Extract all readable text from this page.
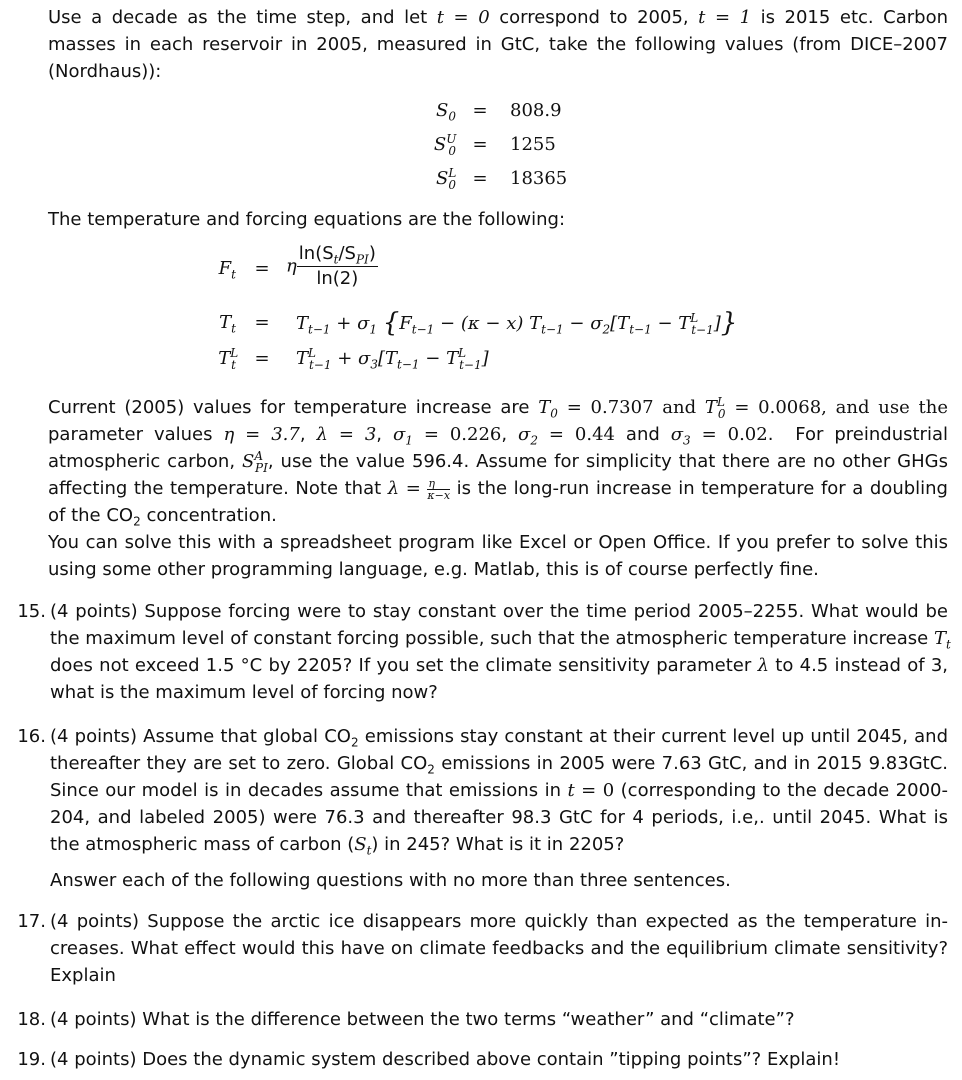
Use a decade as the time step, and let t = 0 correspond to 2005, t = 1 is 2015 etc. Carbon
masses in each reservoir in 2005, measured in GtC, take the following values (from DICE–2007
(Nordhaus)):
$S_0 = 808.9$
$S^U_0 = 1255$
$S^L_0 = 18365$
The temperature and forcing equations are the following:
$F_t = \eta \frac{\ln(S_t/S_{PI})}{\ln(2)}$
$T_t = T_{t-1} + \sigma_1$ $\{F_{t-1} - (\kappa - x) T_{t-1} - \sigma_2[T_{t-1} - T^L_{t-1}]\}$
$T^L_t = T^L_{t-1} + \sigma_3[T_{t-1} - T^L_{t-1}]$
Current (2005) values for temperature increase are $T_0 = 0.7307$ and $T^L_0 = 0.0068$, and use the
parameter values η = 3.7, λ = 3, $\sigma_1 = 0.226$, $\sigma_2 = 0.44$ and $\sigma_3 = 0.02$.  For preindustrial
atmospheric carbon, $S^A_{PI}$, use the value 596.4. Assume for simplicity that there are no other GHGs
affecting the temperature. Note that $\lambda = \frac{\eta}{\kappa-x}$ is the long-run increase in temperature for a doubling
of the $CO_2$ concentration.
You can solve this with a spreadsheet program like Excel or Open Office. If you prefer to solve this
using some other programming language, e.g. Matlab, this is of course perfectly fine.
15. (4 points) Suppose forcing were to stay constant over the time period 2005–2255. What would be
the maximum level of constant forcing possible, such that the atmospheric temperature increase $T_t$
does not exceed 1.5 °C by 2205? If you set the climate sensitivity parameter λ to 4.5 instead of 3,
what is the maximum level of forcing now?
16. (4 points) Assume that global $CO_2$ emissions stay constant at their current level up until 2045, and
thereafter they are set to zero. Global $CO_2$ emissions in 2005 were 7.63 GtC, and in 2015 9.83GtC.
Since our model is in decades assume that emissions in t = 0 (corresponding to the decade 2000-
204, and labeled 2005) were 76.3 and thereafter 98.3 GtC for 4 periods, i.e,. until 2045. What is
the atmospheric mass of carbon $(S_t)$ in 245? What is it in 2205?
Answer each of the following questions with no more than three sentences.
17. (4 points) Suppose the arctic ice disappears more quickly than expected as the temperature in-
creases. What effect would this have on climate feedbacks and the equilibrium climate sensitivity?
Explain
18. (4 points) What is the difference between the two terms “weather” and “climate”?
19. (4 points) Does the dynamic system described above contain ”tipping points”? Explain!
